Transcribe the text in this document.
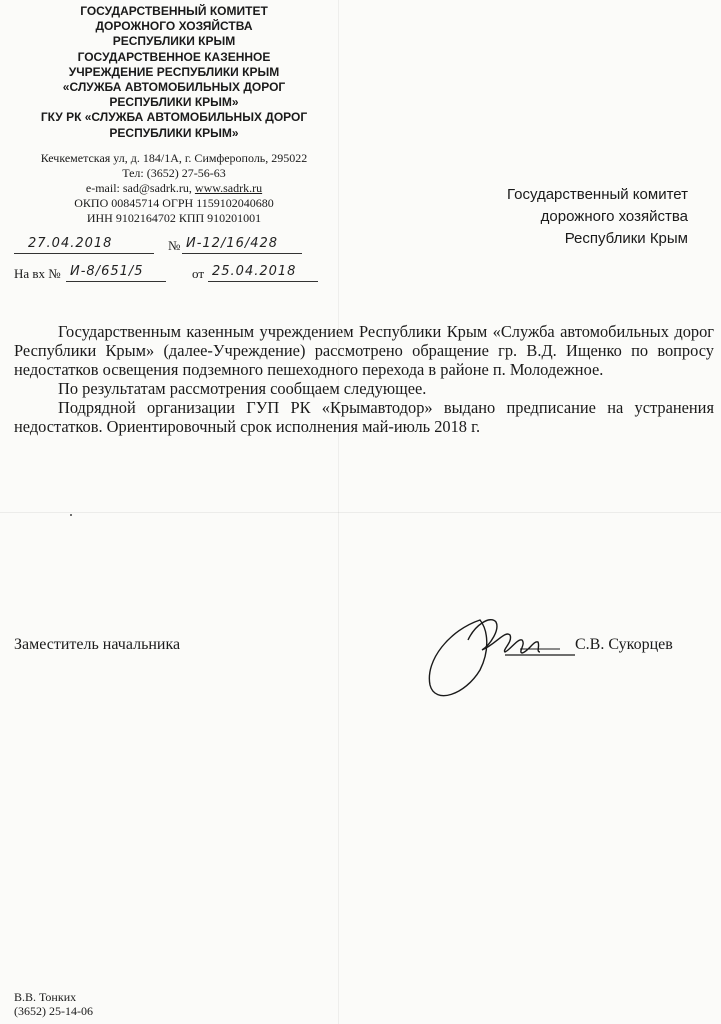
ГОСУДАРСТВЕННЫЙ КОМИТЕТ
ДОРОЖНОГО ХОЗЯЙСТВА
РЕСПУБЛИКИ КРЫМ
ГОСУДАРСТВЕННОЕ КАЗЕННОЕ
УЧРЕЖДЕНИЕ РЕСПУБЛИКИ КРЫМ
«СЛУЖБА АВТОМОБИЛЬНЫХ ДОРОГ
РЕСПУБЛИКИ КРЫМ»
ГКУ РК «СЛУЖБА АВТОМОБИЛЬНЫХ ДОРОГ
РЕСПУБЛИКИ КРЫМ»
Кечкеметская ул, д. 184/1А, г. Симферополь, 295022
Тел: (3652) 27-56-63
e-mail: sad@sadrk.ru, www.sadrk.ru
ОКПО 00845714 ОГРН 1159102040680
ИНН 9102164702 КПП 910201001
27.04.2018	№ И-12/16/428
На вх № И-8/651/5	от 25.04.2018
Государственный комитет
дорожного хозяйства
Республики Крым

Государственным казенным учреждением Республики Крым «Служба автомобильных дорог Республики Крым» (далее-Учреждение) рассмотрено обращение гр. В.Д. Ищенко по вопросу недостатков освещения подземного пешеходного перехода в районе п. Молодежное.

По результатам рассмотрения сообщаем следующее.

Подрядной организации ГУП РК «Крымавтодор» выдано предписание на устранения недостатков. Ориентировочный срок исполнения май-июль 2018 г.

Заместитель начальника	С.В. Сукорцев
В.В. Тонких
(3652) 25-14-06
